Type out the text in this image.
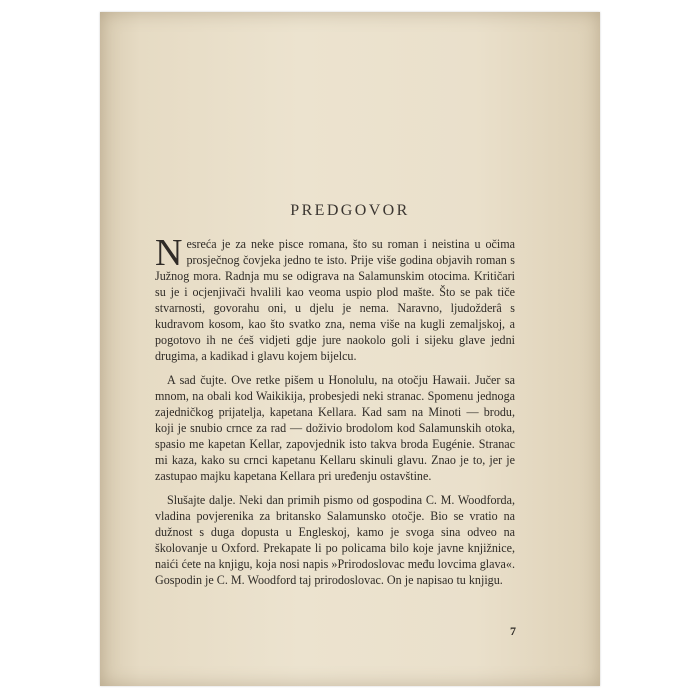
PREDGOVOR

Nesreća je za neke pisce romana, što su roman i neistina u očima prosječnog čovjeka jedno te isto. Prije više godina objavih roman s Južnog mora. Radnja mu se odigrava na Salamunskim otocima. Kritičari su je i ocjenjivači hvalili kao veoma uspio plod mašte. Što se pak tiče stvarnosti, govorahu oni, u djelu je nema. Naravno, ljudožderâ s kudravom kosom, kao što svatko zna, nema više na kugli zemaljskoj, a pogotovo ih ne ćeš vidjeti gdje jure naokolo goli i sijeku glave jedni drugima, a kadikad i glavu kojem bijelcu.

A sad čujte. Ove retke pišem u Honolulu, na otočju Hawaii. Jučer sa mnom, na obali kod Waikikija, probesjedi neki stranac. Spomenu jednoga zajedničkog prijatelja, kapetana Kellara. Kad sam na Minoti — brodu, koji je snubio crnce za rad — doživio brodolom kod Salamunskih otoka, spasio me kapetan Kellar, zapovjednik isto takva broda Eugénie. Stranac mi kaza, kako su crnci kapetanu Kellaru skinuli glavu. Znao je to, jer je zastupao majku kapetana Kellara pri uređenju ostavštine.

Slušajte dalje. Neki dan primih pismo od gospodina C. M. Woodforda, vladina povjerenika za britansko Salamunsko otočje. Bio se vratio na dužnost s duga dopusta u Engleskoj, kamo je svoga sina odveo na školovanje u Oxford. Prekapate li po policama bilo koje javne knjižnice, naići ćete na knjigu, koja nosi napis »Prirodoslovac među lovcima glava«. Gospodin je C. M. Woodford taj prirodoslovac. On je napisao tu knjigu.

7
